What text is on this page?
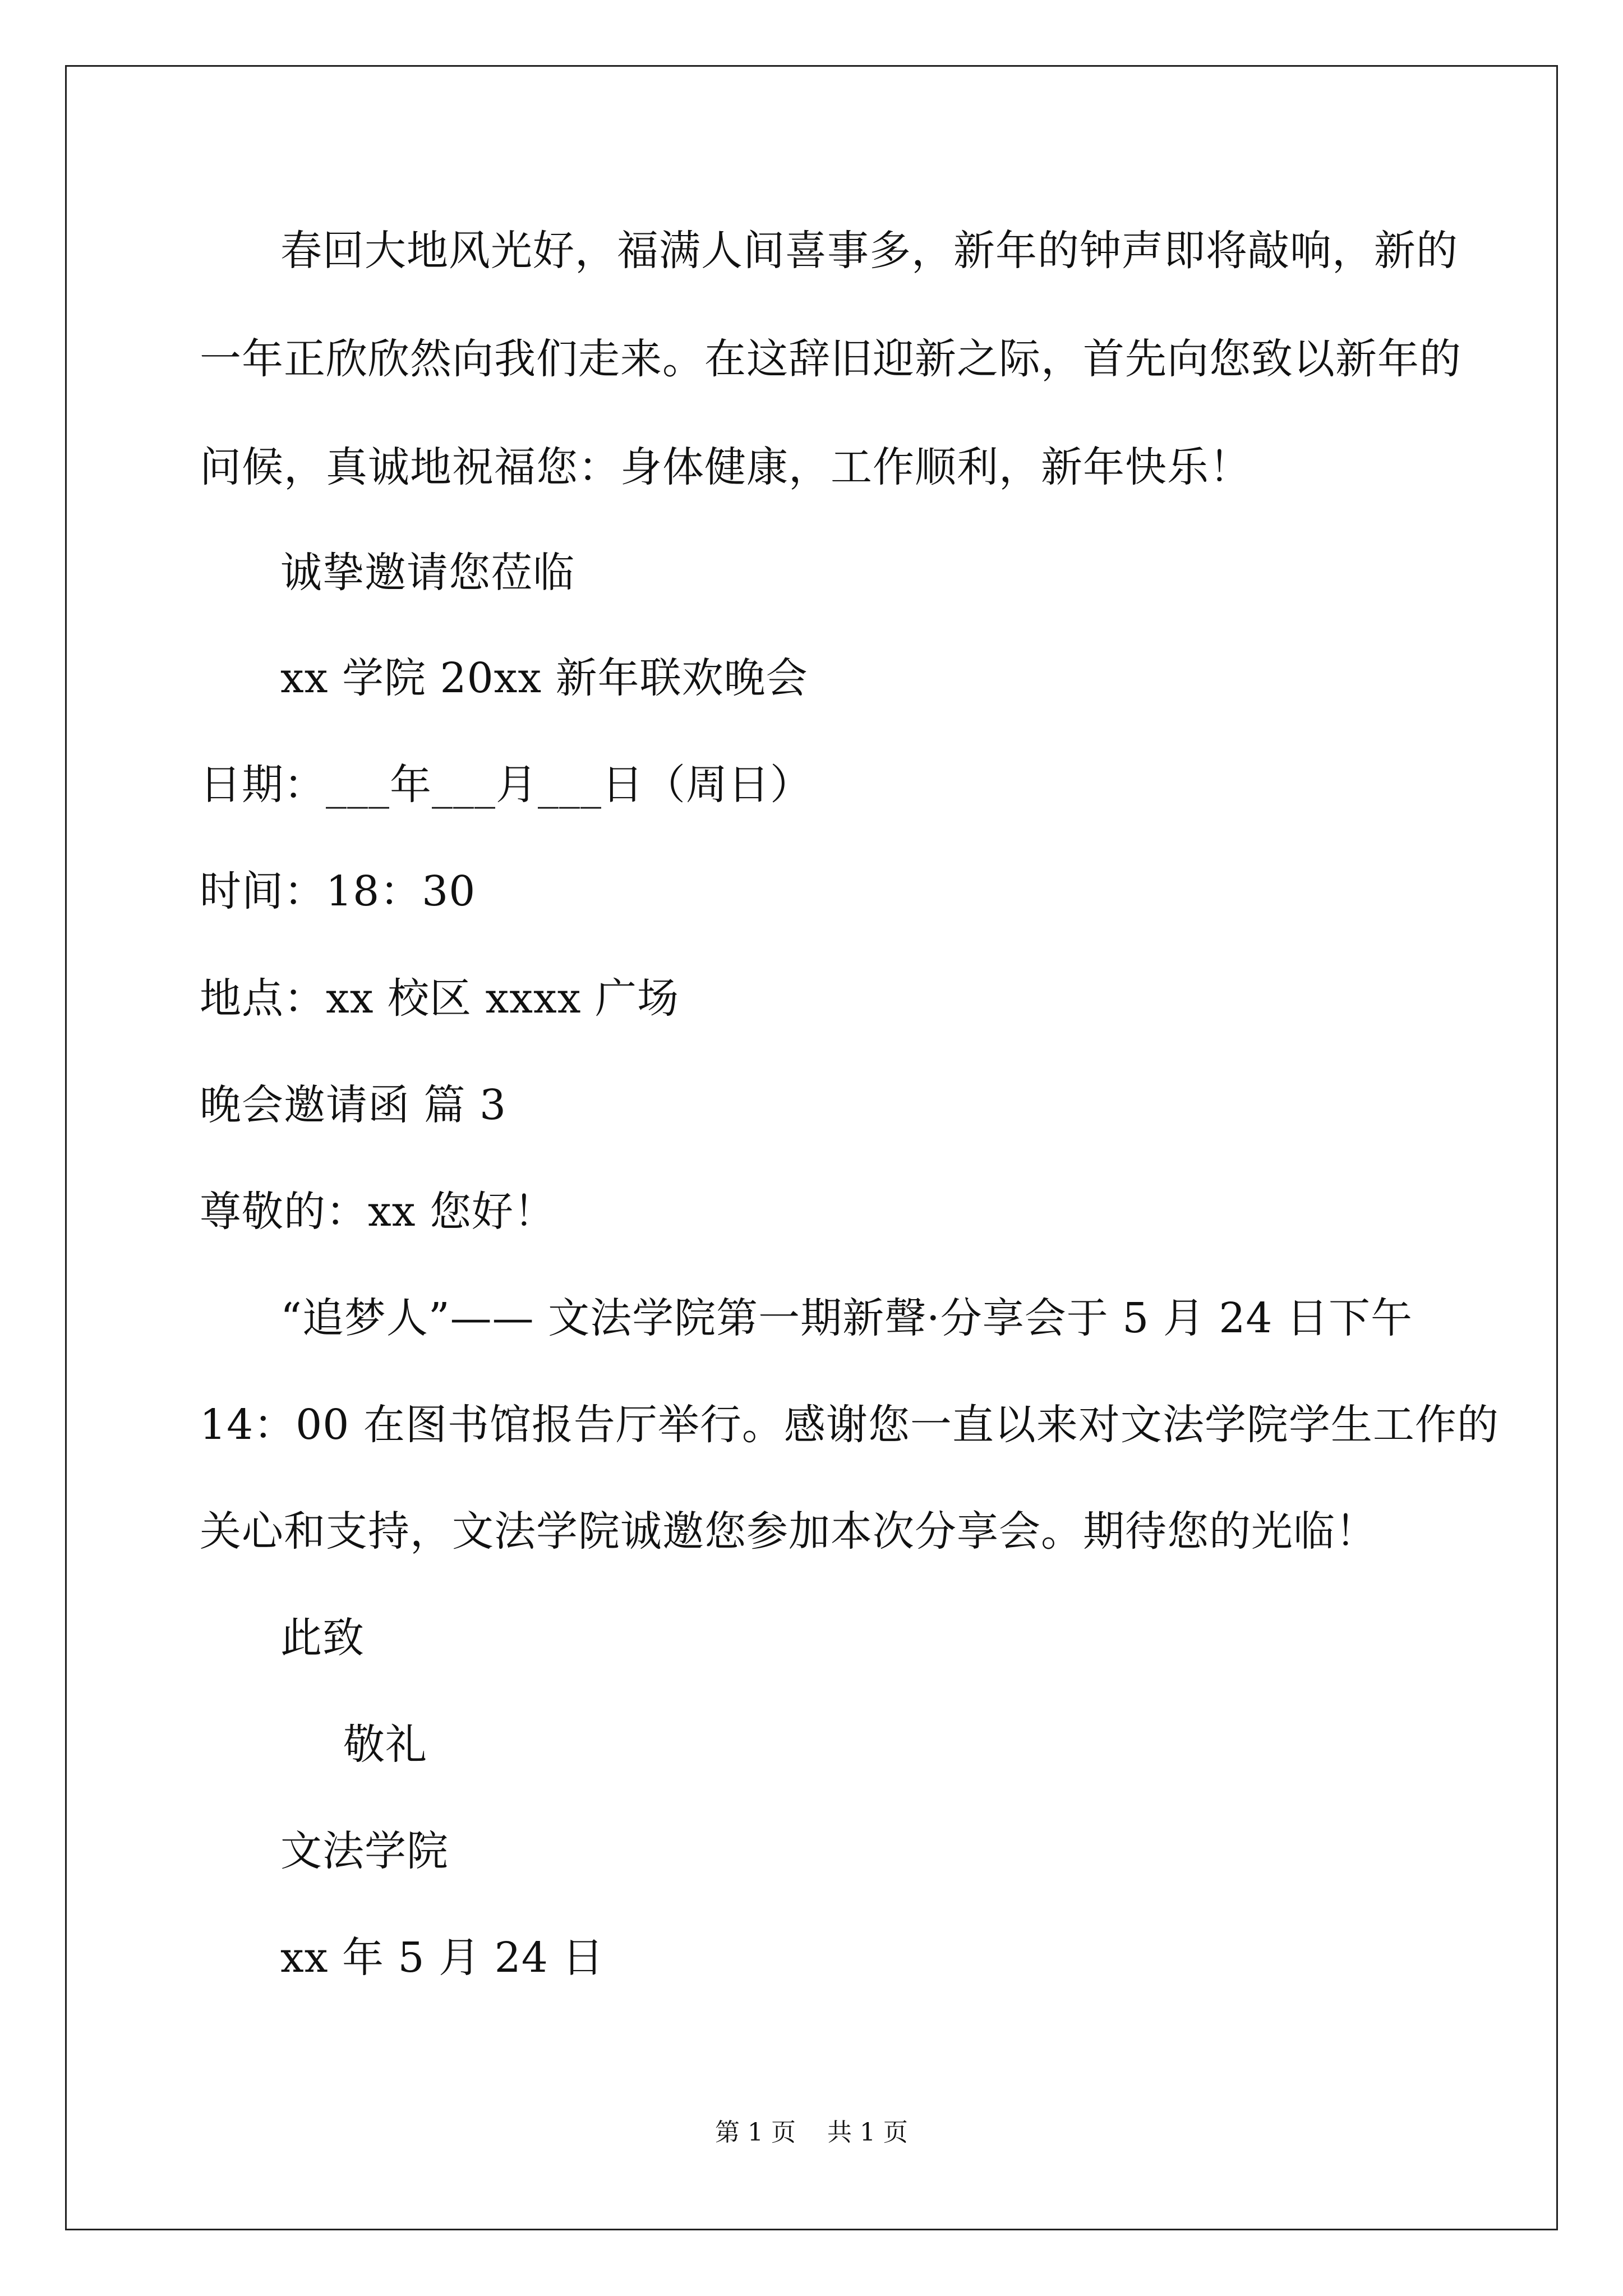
春回大地风光好，福满人间喜事多，新年的钟声即将敲响，新的
一年正欣欣然向我们走来。在这辞旧迎新之际，首先向您致以新年的
问候，真诚地祝福您：身体健康，工作顺利，新年快乐！
诚挚邀请您莅临
xx 学院 20xx 新年联欢晚会
日期：___年___月___日（周日）
时间：18：30
地点：xx 校区 xxxx 广场
晚会邀请函 篇 3
尊敬的：xx 您好！
“追梦人”—— 文法学院第一期新聲·分享会于 5 月 24 日下午
14：00 在图书馆报告厅举行。感谢您一直以来对文法学院学生工作的
关心和支持，文法学院诚邀您参加本次分享会。期待您的光临！
此致
敬礼
文法学院
xx 年 5 月 24 日
第 1 页    共 1 页
